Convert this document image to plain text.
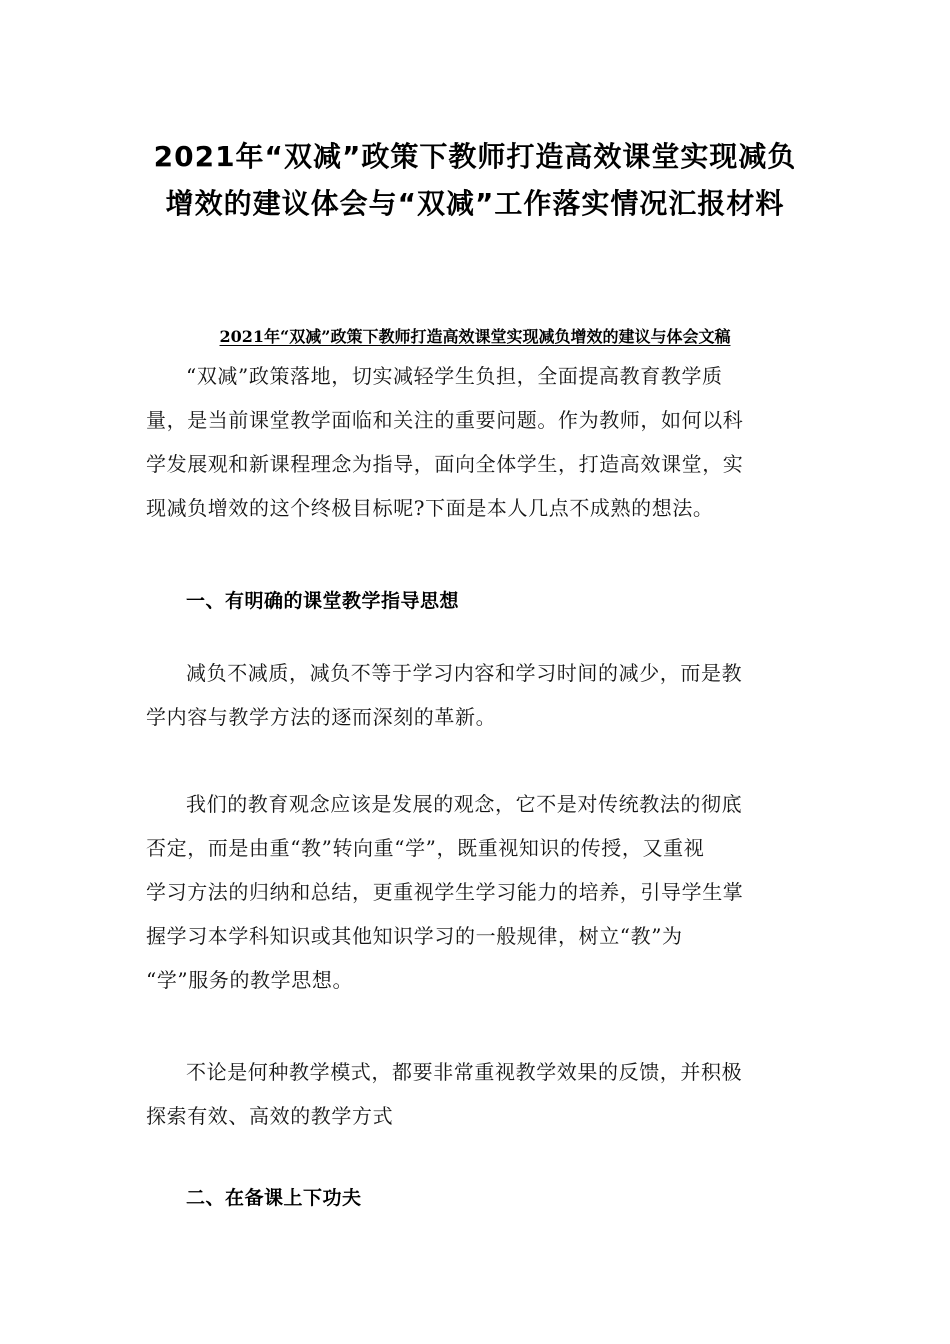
2021年“双减”政策下教师打造高效课堂实现减负
增效的建议体会与“双减”工作落实情况汇报材料
2021年“双减”政策下教师打造高效课堂实现减负增效的建议与体会文稿
“双减”政策落地，切实减轻学生负担，全面提高教育教学质
量，是当前课堂教学面临和关注的重要问题。作为教师，如何以科
学发展观和新课程理念为指导，面向全体学生，打造高效课堂，实
现减负增效的这个终极目标呢?下面是本人几点不成熟的想法。
一、有明确的课堂教学指导思想
减负不减质，减负不等于学习内容和学习时间的减少，而是教
学内容与教学方法的逐而深刻的革新。
我们的教育观念应该是发展的观念，它不是对传统教法的彻底
否定，而是由重“教”转向重“学”，既重视知识的传授，又重视
学习方法的归纳和总结，更重视学生学习能力的培养，引导学生掌
握学习本学科知识或其他知识学习的一般规律，树立“教”为
“学”服务的教学思想。
不论是何种教学模式，都要非常重视教学效果的反馈，并积极
探索有效、高效的教学方式
二、在备课上下功夫
